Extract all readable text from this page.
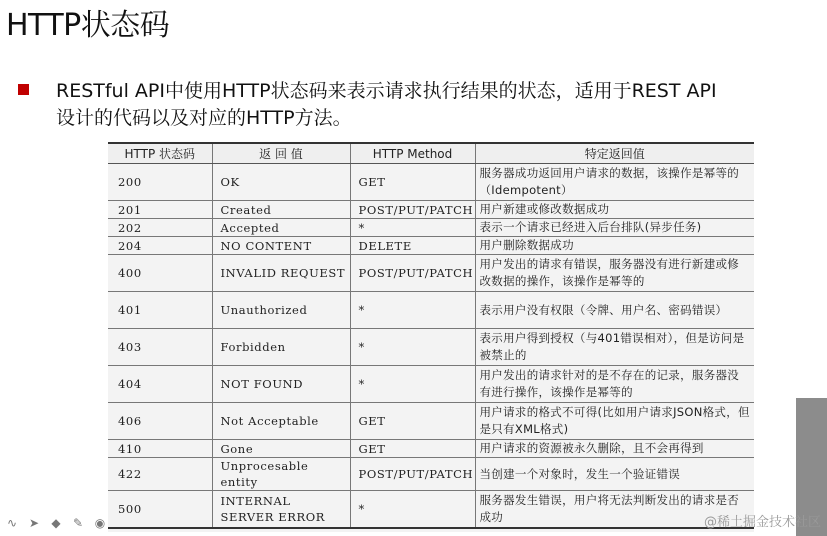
HTTP状态码
RESTful API中使用HTTP状态码来表示请求执行结果的状态，适用于REST API
设计的代码以及对应的HTTP方法。
HTTP 状态码	返 回 值	HTTP Method	特定返回值
200	OK	GET	服务器成功返回用户请求的数据，该操作是幂等的（Idempotent）
201	Created	POST/PUT/PATCH	用户新建或修改数据成功
202	Accepted	*	表示一个请求已经进入后台排队(异步任务)
204	NO CONTENT	DELETE	用户删除数据成功
400	INVALID REQUEST	POST/PUT/PATCH	用户发出的请求有错误，服务器没有进行新建或修改数据的操作，该操作是幂等的
401	Unauthorized	*	表示用户没有权限（令牌、用户名、密码错误）
403	Forbidden	*	表示用户得到授权（与401错误相对），但是访问是被禁止的
404	NOT FOUND	*	用户发出的请求针对的是不存在的记录，服务器没有进行操作，该操作是幂等的
406	Not Acceptable	GET	用户请求的格式不可得(比如用户请求JSON格式，但是只有XML格式)
410	Gone	GET	用户请求的资源被永久删除，且不会再得到
422	Unprocesable entity	POST/PUT/PATCH	当创建一个对象时，发生一个验证错误
500	INTERNAL SERVER ERROR	*	服务器发生错误，用户将无法判断发出的请求是否成功
∿ ➤ ◆ ✎ ◉	@稀土掘金技术社区
